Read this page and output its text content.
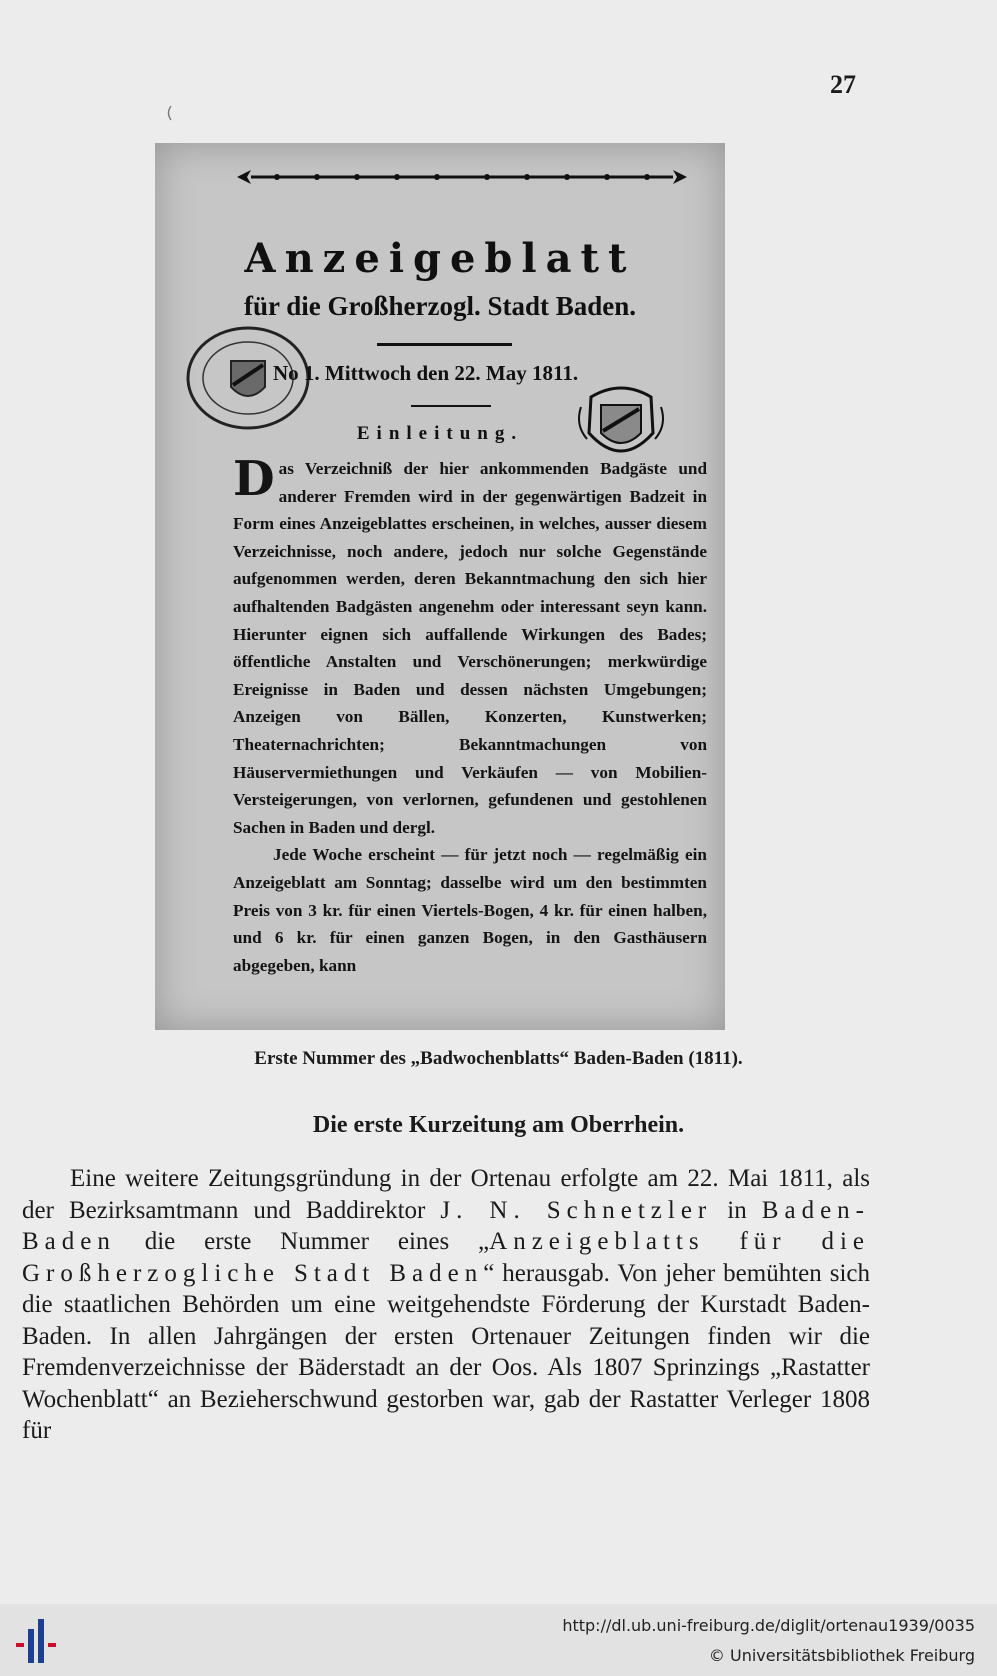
27
Anzeigeblatt
für die Großherzogl. Stadt Baden.
No 1. Mittwoch den 22. May 1811.
Einleitung.

Das Verzeichniß der hier ankommenden Badgäste und anderer Fremden wird in der gegenwärtigen Badzeit in Form eines Anzeigeblattes erscheinen, in welches, ausser diesem Verzeichnisse, noch andere, jedoch nur solche Gegenstände aufgenommen werden, deren Bekanntmachung den sich hier aufhaltenden Badgästen angenehm oder interessant seyn kann. Hierunter eignen sich auffallende Wirkungen des Bades; öffentliche Anstalten und Verschönerungen; merkwürdige Ereignisse in Baden und dessen nächsten Umgebungen; Anzeigen von Bällen, Konzerten, Kunstwerken; Theaternachrichten; Bekanntmachungen von Häuservermiethungen und Verkäufen — von Mobilien-Versteigerungen, von verlornen, gefundenen und gestohlenen Sachen in Baden und dergl.

Jede Woche erscheint — für jetzt noch — regelmäßig ein Anzeigeblatt am Sonntag; dasselbe wird um den bestimmten Preis von 3 kr. für einen Viertels-Bogen, 4 kr. für einen halben, und 6 kr. für einen ganzen Bogen, in den Gasthäusern abgegeben, kann

Erste Nummer des „Badwochenblatts“ Baden-Baden (1811).
Die erste Kurzeitung am Oberrhein.

Eine weitere Zeitungsgründung in der Ortenau erfolgte am 22. Mai 1811, als der Bezirksamtmann und Baddirektor J. N. Schnetzler in Baden-Baden die erste Nummer eines „Anzeigeblatts für die Großherzogliche Stadt Baden“ herausgab. Von jeher bemühten sich die staatlichen Behörden um eine weitgehendste Förderung der Kurstadt Baden-Baden. In allen Jahrgängen der ersten Ortenauer Zeitungen finden wir die Fremdenverzeichnisse der Bäderstadt an der Oos. Als 1807 Sprinzings „Rastatter Wochenblatt“ an Bezieherschwund gestorben war, gab der Rastatter Verleger 1808 für

http://dl.ub.uni-freiburg.de/diglit/ortenau1939/0035
© Universitätsbibliothek Freiburg
